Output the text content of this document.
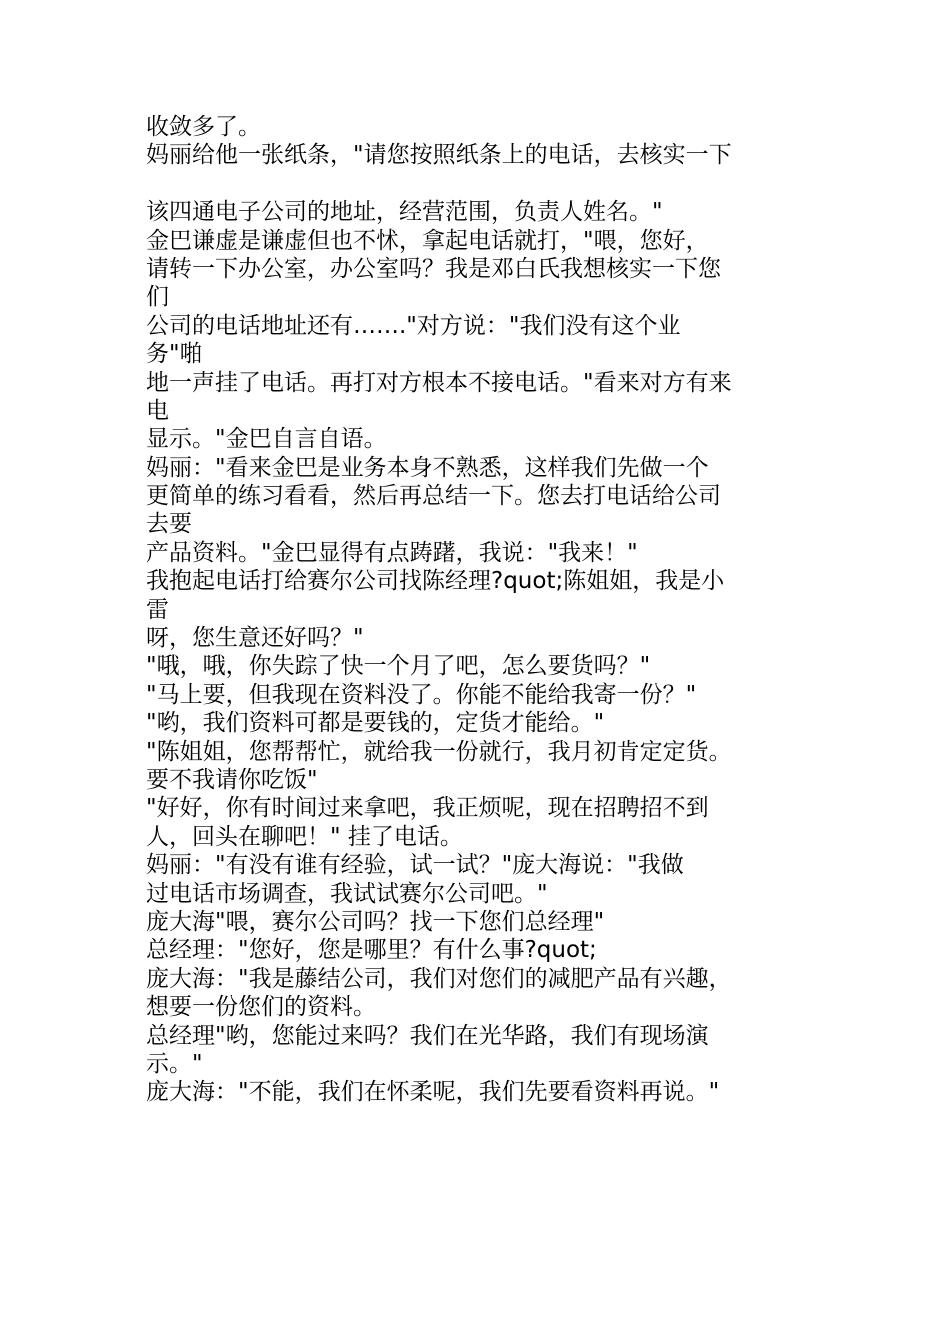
收敛多了。
妈丽给他一张纸条，"请您按照纸条上的电话，去核实一下
该四通电子公司的地址，经营范围，负责人姓名。"
金巴谦虚是谦虚但也不怵，拿起电话就打，"喂，您好，
请转一下办公室，办公室吗？我是邓白氏我想核实一下您
们
公司的电话地址还有……."对方说："我们没有这个业
务"啪
地一声挂了电话。再打对方根本不接电话。"看来对方有来
电
显示。"金巴自言自语。
妈丽："看来金巴是业务本身不熟悉，这样我们先做一个
更简单的练习看看，然后再总结一下。您去打电话给公司
去要
产品资料。"金巴显得有点踌躇，我说："我来！"
我抱起电话打给赛尔公司找陈经理?quot;陈姐姐，我是小
雷
呀，您生意还好吗？"
"哦，哦，你失踪了快一个月了吧，怎么要货吗？"
"马上要，但我现在资料没了。你能不能给我寄一份？"
"哟，我们资料可都是要钱的，定货才能给。"
"陈姐姐，您帮帮忙，就给我一份就行，我月初肯定定货。
要不我请你吃饭"
"好好，你有时间过来拿吧，我正烦呢，现在招聘招不到
人，回头在聊吧！" 挂了电话。
妈丽："有没有谁有经验，试一试？"庞大海说："我做
过电话市场调查，我试试赛尔公司吧。"
庞大海"喂，赛尔公司吗？找一下您们总经理"
总经理："您好，您是哪里？有什么事?quot;
庞大海："我是藤结公司，我们对您们的减肥产品有兴趣，
想要一份您们的资料。
总经理"哟，您能过来吗？我们在光华路，我们有现场演
示。"
庞大海："不能，我们在怀柔呢，我们先要看资料再说。"
